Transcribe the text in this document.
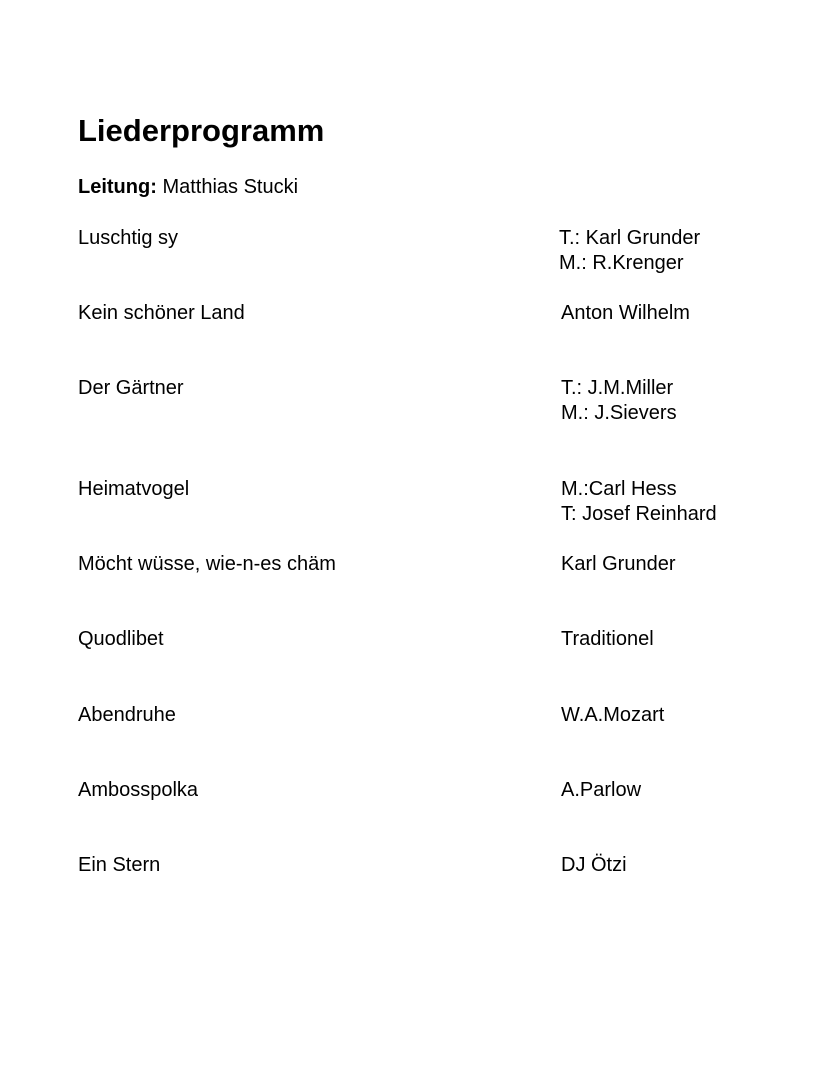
Liederprogramm
Leitung: Matthias Stucki
Luschtig sy	T.: Karl Grunder
M.: R.Krenger
Kein schöner Land	Anton Wilhelm
Der Gärtner	T.: J.M.Miller
M.: J.Sievers
Heimatvogel	M.:Carl Hess
T: Josef Reinhard
Möcht wüsse, wie-n-es chäm	Karl Grunder
Quodlibet	Traditionel
Abendruhe	W.A.Mozart
Ambosspolka	A.Parlow
Ein Stern	DJ Ötzi
